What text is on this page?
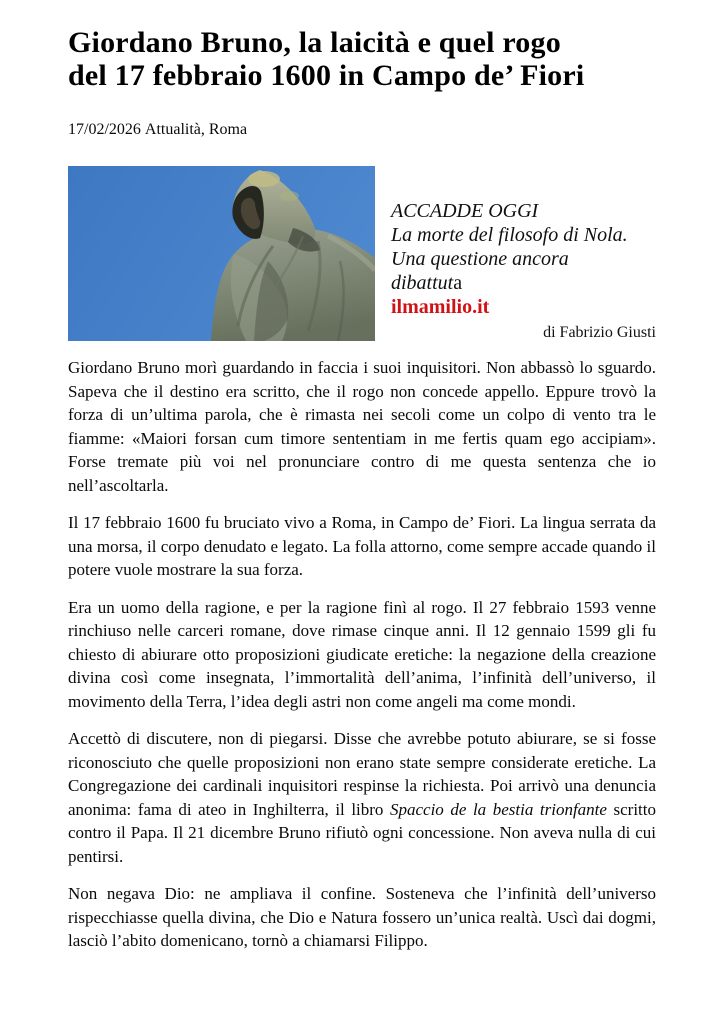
Giordano Bruno, la laicità e quel rogo
del 17 febbraio 1600 in Campo de’ Fiori
17/02/2026 Attualità, Roma
ACCADDE OGGI
La morte del filosofo di Nola.
Una questione ancora
dibattuta
ilmamilio.it
di Fabrizio Giusti

Giordano Bruno morì guardando in faccia i suoi inquisitori. Non abbassò lo sguardo. Sapeva che il destino era scritto, che il rogo non concede appello. Eppure trovò la forza di un’ultima parola, che è rimasta nei secoli come un colpo di vento tra le fiamme: «Maiori forsan cum timore sententiam in me fertis quam ego accipiam». Forse tremate più voi nel pronunciare contro di me questa sentenza che io nell’ascoltarla.

Il 17 febbraio 1600 fu bruciato vivo a Roma, in Campo de’ Fiori. La lingua serrata da una morsa, il corpo denudato e legato. La folla attorno, come sempre accade quando il potere vuole mostrare la sua forza.

Era un uomo della ragione, e per la ragione finì al rogo. Il 27 febbraio 1593 venne rinchiuso nelle carceri romane, dove rimase cinque anni. Il 12 gennaio 1599 gli fu chiesto di abiurare otto proposizioni giudicate eretiche: la negazione della creazione divina così come insegnata, l’immortalità dell’anima, l’infinità dell’universo, il movimento della Terra, l’idea degli astri non come angeli ma come mondi.

Accettò di discutere, non di piegarsi. Disse che avrebbe potuto abiurare, se si fosse riconosciuto che quelle proposizioni non erano state sempre considerate eretiche. La Congregazione dei cardinali inquisitori respinse la richiesta. Poi arrivò una denuncia anonima: fama di ateo in Inghilterra, il libro Spaccio de la bestia trionfante scritto contro il Papa. Il 21 dicembre Bruno rifiutò ogni concessione. Non aveva nulla di cui pentirsi.

Non negava Dio: ne ampliava il confine. Sosteneva che l’infinità dell’universo rispecchiasse quella divina, che Dio e Natura fossero un’unica realtà. Uscì dai dogmi, lasciò l’abito domenicano, tornò a chiamarsi Filippo.
